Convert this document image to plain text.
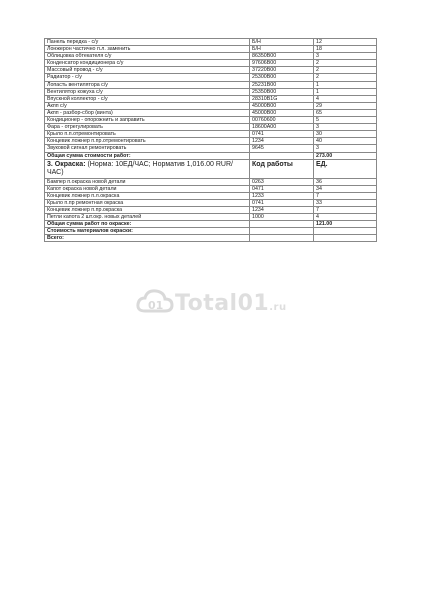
Панель передка - с/у	Б/Н	12
Лонжерон частично п.л. заменить	Б/Н	18
Облицовка обтекателя с/у	86350B00	3
Конденсатор кондиционера с/у	97606B00	2
Массовый провод - с/у	37220B00	2
Радиатор - с/у	25300B00	2
Лопасть вентилятора с/у	25231B00	1
Вентилятор кожуха с/у	25350B00	1
Впускной коллектор - с/у	28310B1G	4
Акпп с/у	45000B00	29
Акпп - разбор-сбор (винта)	45000B00	65
Кондиционер - опорожнить и заправить	00760600	5
Фара - отрегулировать	18600A00	3
Крыло п.п.отремонтировать	0741	30
Концевик ложнер п.пр.отремонтировать	1234	40
Звуковой сигнал ремонтировать	9645	3
Общая сумма стоимости работ:		273.00
3. Окраска: (Норма: 10ЕД/ЧАС; Норматив 1,016.00 RUR/ЧАС)	Код работы	ЕД.
Бампер п.окраска новой детали	0263	36
Капот окраска новой детали	0471	34
Концевик ложнер п.л.окраска	1233	7
Крыло п.пр ремонтная окраска	0741	33
Концевик ложнер п.пр.окраска	1234	7
Петли капота 2 шт.окр. новых деталей	1000	4
Общая сумма работ по окраске:		121.00
Стоимость материалов окраски:		
Всего:		
01 Total01.ru
